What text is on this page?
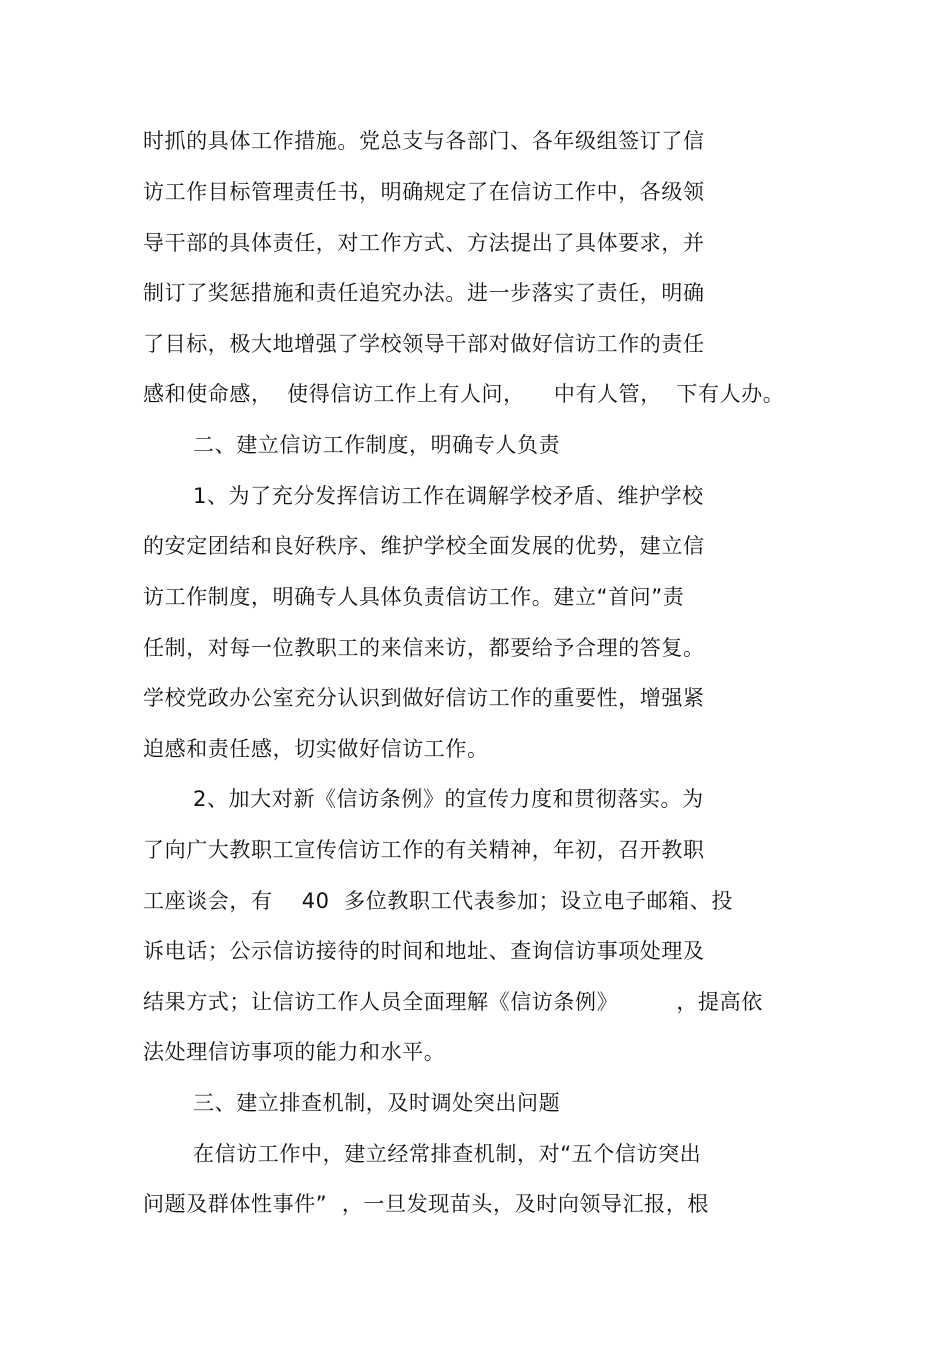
时抓的具体工作措施。党总支与各部门、各年级组签订了信
访工作目标管理责任书，明确规定了在信访工作中，各级领
导干部的具体责任，对工作方式、方法提出了具体要求，并
制订了奖惩措施和责任追究办法。进一步落实了责任，明确
了目标，极大地增强了学校领导干部对做好信访工作的责任
感和使命感，  使得信访工作上有人问，    中有人管，  下有人办。
二、建立信访工作制度，明确专人负责
1、为了充分发挥信访工作在调解学校矛盾、维护学校
的安定团结和良好秩序、维护学校全面发展的优势，建立信
访工作制度，明确专人具体负责信访工作。建立“首问”责
任制，对每一位教职工的来信来访，都要给予合理的答复。
学校党政办公室充分认识到做好信访工作的重要性，增强紧
迫感和责任感，切实做好信访工作。
2、加大对新《信访条例》的宣传力度和贯彻落实。为
了向广大教职工宣传信访工作的有关精神，年初，召开教职
工座谈会，有    40  多位教职工代表参加；设立电子邮箱、投
诉电话；公示信访接待的时间和地址、查询信访事项处理及
结果方式；让信访工作人员全面理解《信访条例》        ，提高依
法处理信访事项的能力和水平。
三、建立排查机制，及时调处突出问题
在信访工作中，建立经常排查机制，对“五个信访突出
问题及群体性事件”  ，一旦发现苗头，及时向领导汇报，根
